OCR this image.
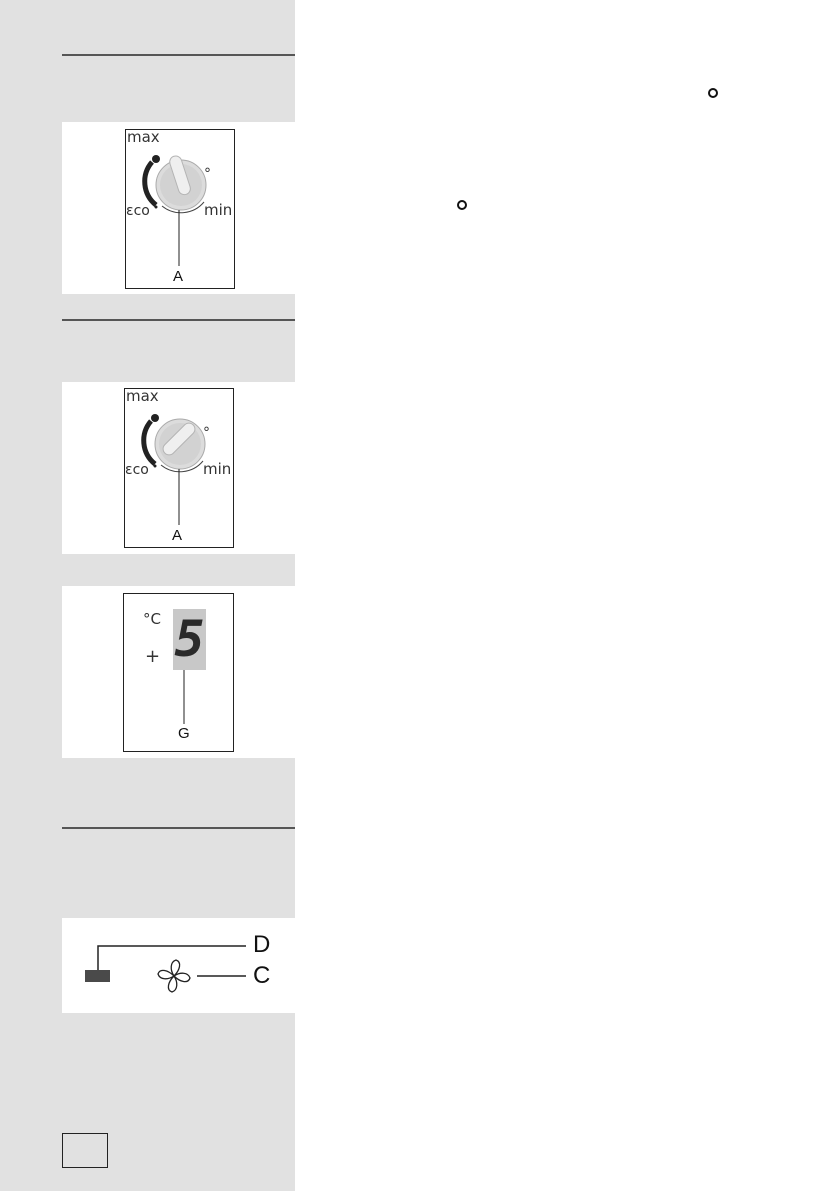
max
°
εco	min
A
max
°
εco	min
A
5
°C
+
G
D
C
